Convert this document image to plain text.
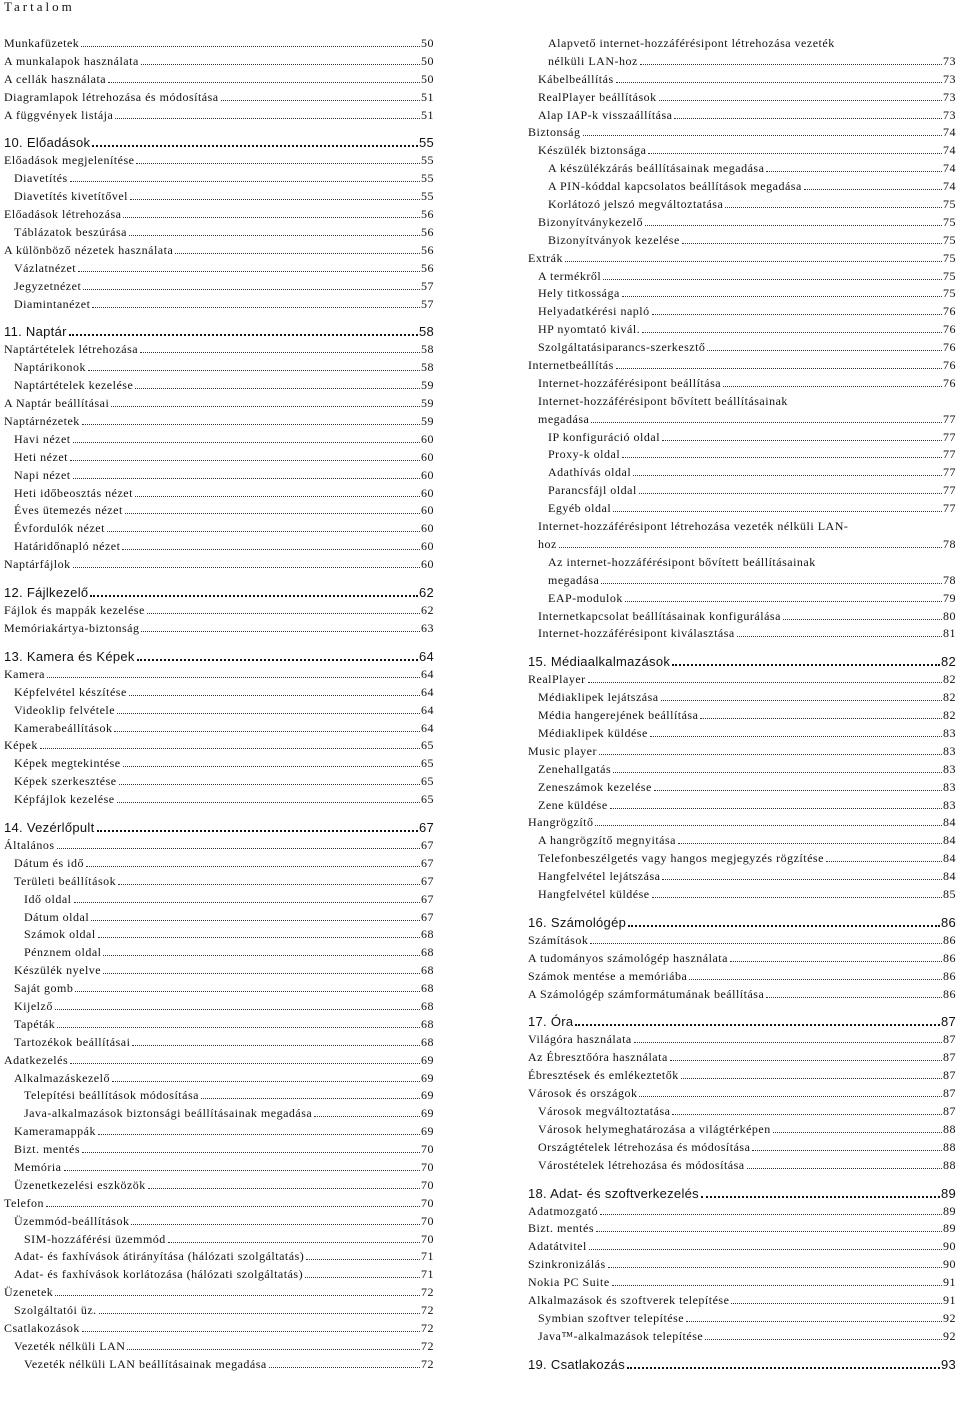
Tartalom
Munkafüzetek	50
A munkalapok használata	50
A cellák használata	50
Diagramlapok létrehozása és módosítása	51
A függvények listája	51
10. Előadások	55
Előadások megjelenítése	55
Diavetítés	55
Diavetítés kivetítővel	55
Előadások létrehozása	56
Táblázatok beszúrása	56
A különböző nézetek használata	56
Vázlatnézet	56
Jegyzetnézet	57
Diamintanézet	57
11. Naptár	58
Naptártételek létrehozása	58
Naptárikonok	58
Naptártételek kezelése	59
A Naptár beállításai	59
Naptárnézetek	59
Havi nézet	60
Heti nézet	60
Napi nézet	60
Heti időbeosztás nézet	60
Éves ütemezés nézet	60
Évfordulók nézet	60
Határidőnapló nézet	60
Naptárfájlok	60
12. Fájlkezelő	62
Fájlok és mappák kezelése	62
Memóriakártya-biztonság	63
13. Kamera és Képek	64
Kamera	64
Képfelvétel készítése	64
Videoklip felvétele	64
Kamerabeállítások	64
Képek	65
Képek megtekintése	65
Képek szerkesztése	65
Képfájlok kezelése	65
14. Vezérlőpult	67
Általános	67
Dátum és idő	67
Területi beállítások	67
Idő oldal	67
Dátum oldal	67
Számok oldal	68
Pénznem oldal	68
Készülék nyelve	68
Saját gomb	68
Kijelző	68
Tapéták	68
Tartozékok beállításai	68
Adatkezelés	69
Alkalmazáskezelő	69
Telepítési beállítások módosítása	69
Java-alkalmazások biztonsági beállításainak megadása	69
Kameramappák	69
Bizt. mentés	70
Memória	70
Üzenetkezelési eszközök	70
Telefon	70
Üzemmód-beállítások	70
SIM-hozzáférési üzemmód	70
Adat- és faxhívások átirányítása (hálózati szolgáltatás)	71
Adat- és faxhívások korlátozása (hálózati szolgáltatás)	71
Üzenetek	72
Szolgáltatói üz.	72
Csatlakozások	72
Vezeték nélküli LAN	72
Vezeték nélküli LAN beállításainak megadása	72
Alapvető internet-hozzáférésipont létrehozása vezeték
nélküli LAN-hoz	73
Kábelbeállítás	73
RealPlayer beállítások	73
Alap IAP-k visszaállítása	73
Biztonság	74
Készülék biztonsága	74
A készülékzárás beállításainak megadása	74
A PIN-kóddal kapcsolatos beállítások megadása	74
Korlátozó jelszó megváltoztatása	75
Bizonyítványkezelő	75
Bizonyítványok kezelése	75
Extrák	75
A termékről	75
Hely titkossága	75
Helyadatkérési napló	76
HP nyomtató kivál.	76
Szolgáltatásiparancs-szerkesztő	76
Internetbeállítás	76
Internet-hozzáférésipont beállítása	76
Internet-hozzáférésipont bővített beállításainak
megadása	77
IP konfiguráció oldal	77
Proxy-k oldal	77
Adathívás oldal	77
Parancsfájl oldal	77
Egyéb oldal	77
Internet-hozzáférésipont létrehozása vezeték nélküli LAN-
hoz	78
Az internet-hozzáférésipont bővített beállításainak
megadása	78
EAP-modulok	79
Internetkapcsolat beállításainak konfigurálása	80
Internet-hozzáférésipont kiválasztása	81
15. Médiaalkalmazások	82
RealPlayer	82
Médiaklipek lejátszása	82
Média hangerejének beállítása	82
Médiaklipek küldése	83
Music player	83
Zenehallgatás	83
Zeneszámok kezelése	83
Zene küldése	83
Hangrögzítő	84
A hangrögzítő megnyitása	84
Telefonbeszélgetés vagy hangos megjegyzés rögzítése	84
Hangfelvétel lejátszása	84
Hangfelvétel küldése	85
16. Számológép	86
Számítások	86
A tudományos számológép használata	86
Számok mentése a memóriába	86
A Számológép számformátumának beállítása	86
17. Óra	87
Világóra használata	87
Az Ébresztőóra használata	87
Ébresztések és emlékeztetők	87
Városok és országok	87
Városok megváltoztatása	87
Városok helymeghatározása a világtérképen	88
Országtételek létrehozása és módosítása	88
Várostételek létrehozása és módosítása	88
18. Adat- és szoftverkezelés	89
Adatmozgató	89
Bizt. mentés	89
Adatátvitel	90
Szinkronizálás	90
Nokia PC Suite	91
Alkalmazások és szoftverek telepítése	91
Symbian szoftver telepítése	92
Java™-alkalmazások telepítése	92
19. Csatlakozás	93
